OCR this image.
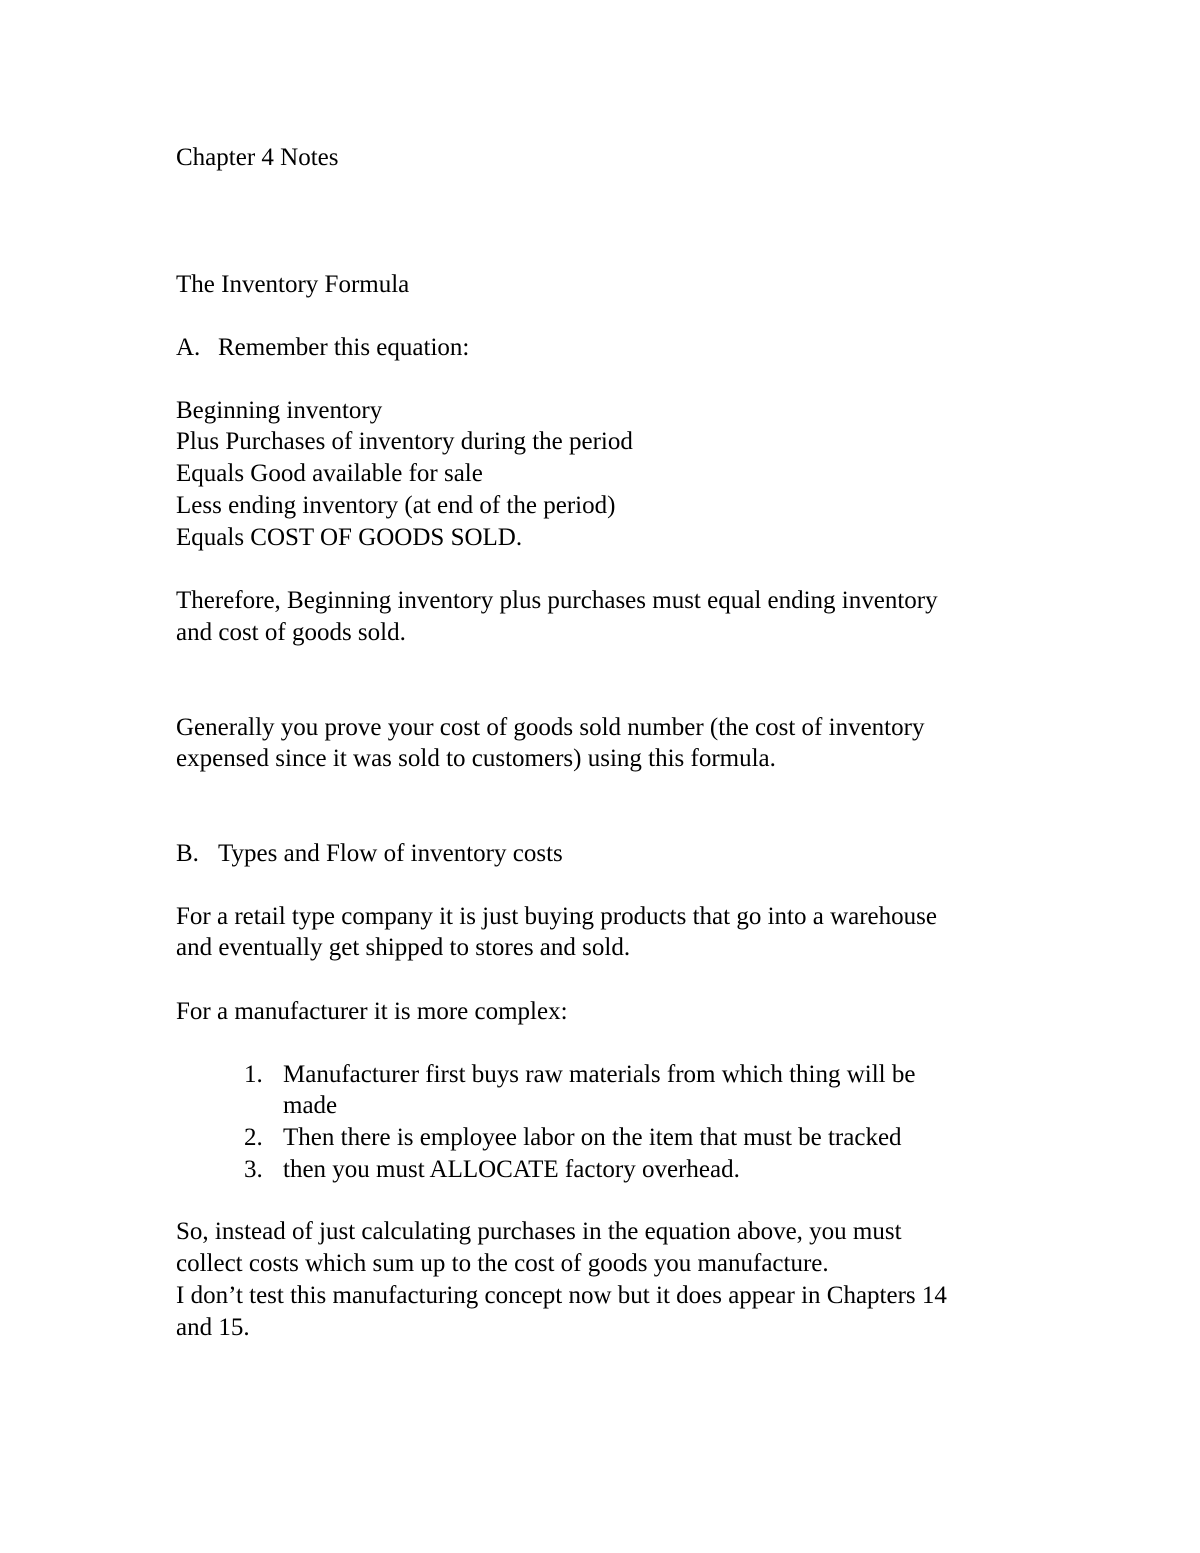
Chapter 4 Notes
The Inventory Formula
A. Remember this equation:
Beginning inventory
Plus Purchases of inventory during the period
Equals Good available for sale
Less ending inventory (at end of the period)
Equals COST OF GOODS SOLD.
Therefore, Beginning inventory plus purchases must equal ending inventory
and cost of goods sold.
Generally you prove your cost of goods sold number (the cost of inventory
expensed since it was sold to customers) using this formula.
B. Types and Flow of inventory costs
For a retail type company it is just buying products that go into a warehouse
and eventually get shipped to stores and sold.
For a manufacturer it is more complex:
1. Manufacturer first buys raw materials from which thing will be
made
2. Then there is employee labor on the item that must be tracked
3. then you must ALLOCATE factory overhead.
So, instead of just calculating purchases in the equation above, you must
collect costs which sum up to the cost of goods you manufacture.
I don’t test this manufacturing concept now but it does appear in Chapters 14
and 15.
